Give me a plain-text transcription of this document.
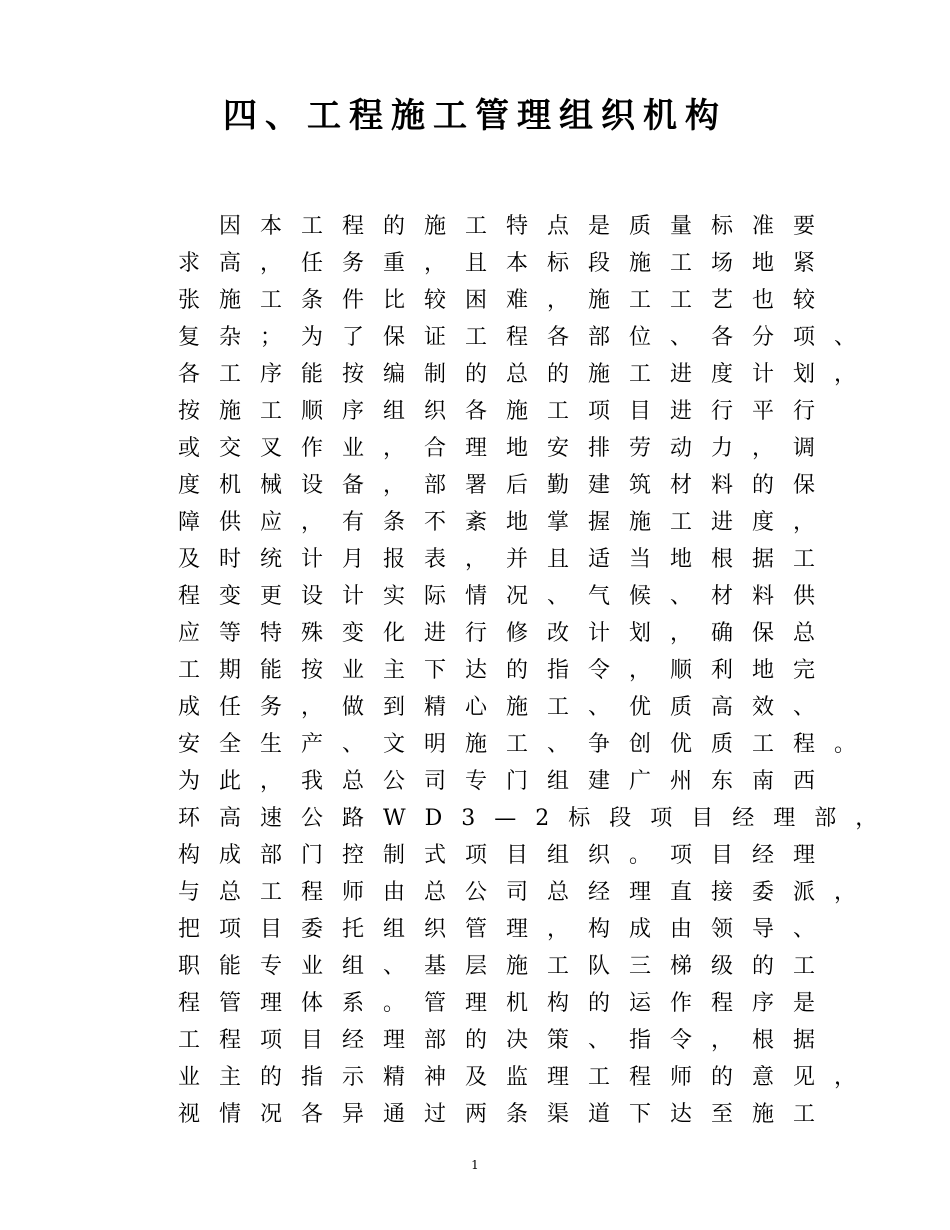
四、工程施工管理组织机构
　因本工程的施工特点是质量标准要
求高，任务重，且本标段施工场地紧
张施工条件比较困难，施工工艺也较
复杂；为了保证工程各部位、各分项、
各工序能按编制的总的施工进度计划，
按施工顺序组织各施工项目进行平行
或交叉作业，合理地安排劳动力，调
度机械设备，部署后勤建筑材料的保
障供应，有条不紊地掌握施工进度，
及时统计月报表，并且适当地根据工
程变更设计实际情况、气候、材料供
应等特殊变化进行修改计划，确保总
工期能按业主下达的指令，顺利地完
成任务，做到精心施工、优质高效、
安全生产、文明施工、争创优质工程。
为此，我总公司专门组建广州东南西
环高速公路WD3—2标段项目经理部，
构成部门控制式项目组织。项目经理
与总工程师由总公司总经理直接委派，
把项目委托组织管理，构成由领导、
职能专业组、基层施工队三梯级的工
程管理体系。管理机构的运作程序是
工程项目经理部的决策、指令，根据
业主的指示精神及监理工程师的意见，
视情况各异通过两条渠道下达至施工
1
